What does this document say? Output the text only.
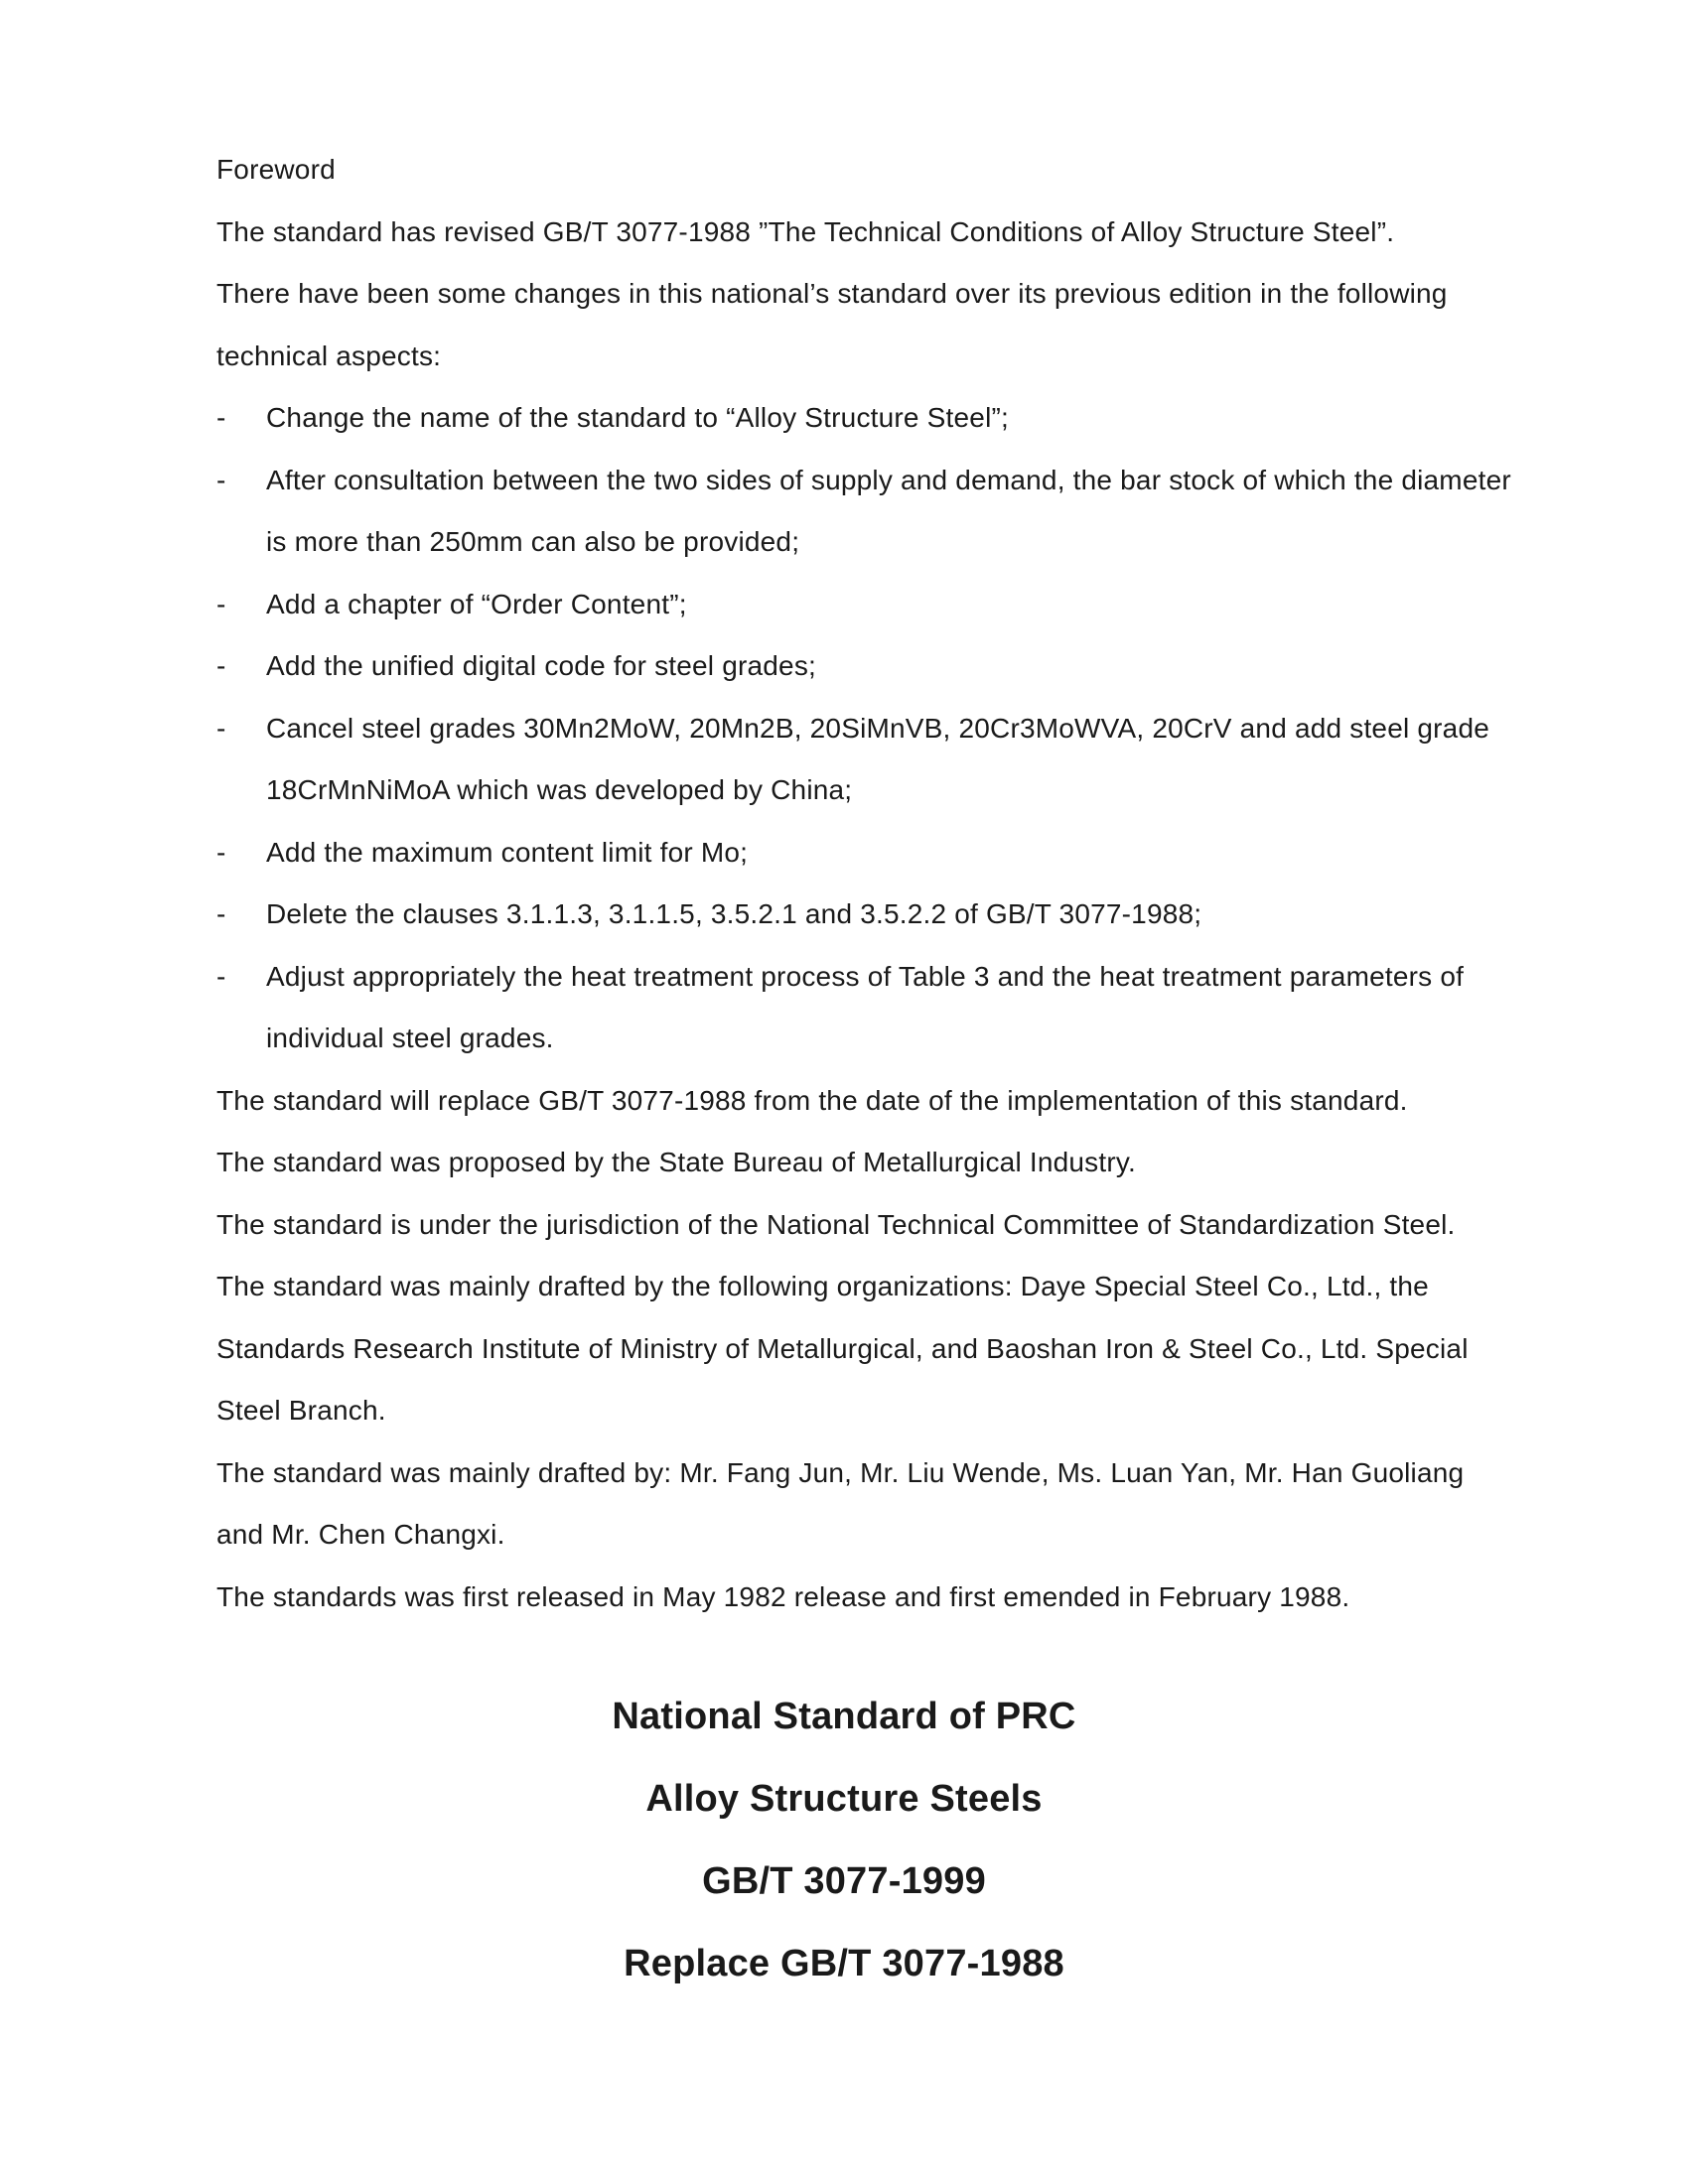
Foreword
The standard has revised GB/T 3077-1988 ”The Technical Conditions of Alloy Structure Steel”.
There have been some changes in this national’s standard over its previous edition in the following
technical aspects:
-	Change the name of the standard to “Alloy Structure Steel”;
-	After consultation between the two sides of supply and demand, the bar stock of which the diameter
is more than 250mm can also be provided;
-	Add a chapter of “Order Content”;
-	Add the unified digital code for steel grades;
-	Cancel steel grades 30Mn2MoW, 20Mn2B, 20SiMnVB, 20Cr3MoWVA, 20CrV and add steel grade
18CrMnNiMoA which was developed by China;
-	Add the maximum content limit for Mo;
-	Delete the clauses 3.1.1.3, 3.1.1.5, 3.5.2.1 and 3.5.2.2 of GB/T 3077-1988;
-	Adjust appropriately the heat treatment process of Table 3 and the heat treatment parameters of
individual steel grades.
The standard will replace GB/T 3077-1988 from the date of the implementation of this standard.
The standard was proposed by the State Bureau of Metallurgical Industry.
The standard is under the jurisdiction of the National Technical Committee of Standardization Steel.
The standard was mainly drafted by the following organizations: Daye Special Steel Co., Ltd., the
Standards Research Institute of Ministry of Metallurgical, and Baoshan Iron & Steel Co., Ltd. Special
Steel Branch.
The standard was mainly drafted by: Mr. Fang Jun, Mr. Liu Wende, Ms. Luan Yan, Mr. Han Guoliang
and Mr. Chen Changxi.
The standards was first released in May 1982 release and first emended in February 1988.
National Standard of PRC
Alloy Structure Steels
GB/T 3077-1999
Replace GB/T 3077-1988
